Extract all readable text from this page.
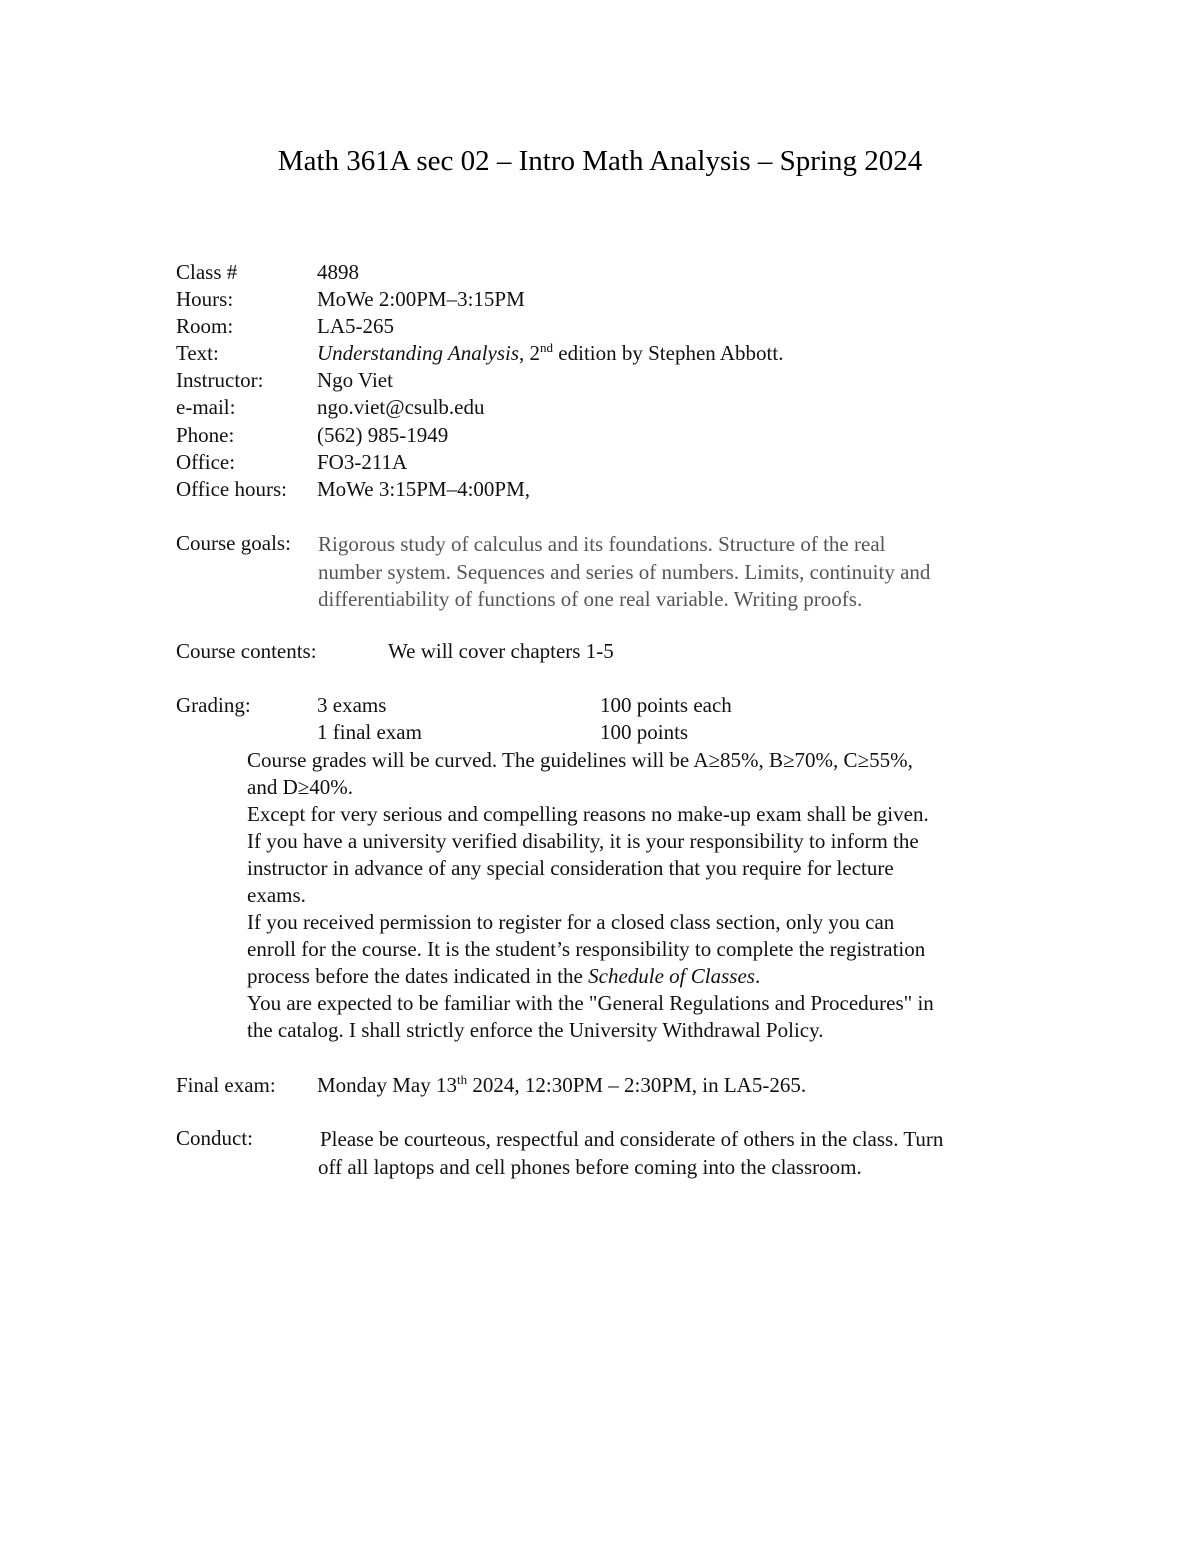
Math 361A sec 02 – Intro Math Analysis – Spring 2024
Class #	4898
Hours:	MoWe 2:00PM–3:15PM
Room:	LA5-265
Text:	Understanding Analysis, 2nd edition by Stephen Abbott.
Instructor:	Ngo Viet
e-mail:	ngo.viet@csulb.edu
Phone:	(562) 985-1949
Office:	FO3-211A
Office hours: MoWe 3:15PM–4:00PM,
Course goals: Rigorous study of calculus and its foundations. Structure of the real
number system. Sequences and series of numbers. Limits, continuity and
differentiability of functions of one real variable. Writing proofs.
Course contents:	We will cover chapters 1-5
Grading:	3 exams	100 points each
1 final exam	100 points
Course grades will be curved. The guidelines will be A≥85%, B≥70%, C≥55%,
and D≥40%.
Except for very serious and compelling reasons no make-up exam shall be given.
If you have a university verified disability, it is your responsibility to inform the
instructor in advance of any special consideration that you require for lecture
exams.
If you received permission to register for a closed class section, only you can
enroll for the course. It is the student’s responsibility to complete the registration
process before the dates indicated in the Schedule of Classes.
You are expected to be familiar with the "General Regulations and Procedures" in
the catalog. I shall strictly enforce the University Withdrawal Policy.
Final exam: Monday May 13th 2024, 12:30PM – 2:30PM, in LA5-265.
Conduct:	Please be courteous, respectful and considerate of others in the class. Turn
off all laptops and cell phones before coming into the classroom.
